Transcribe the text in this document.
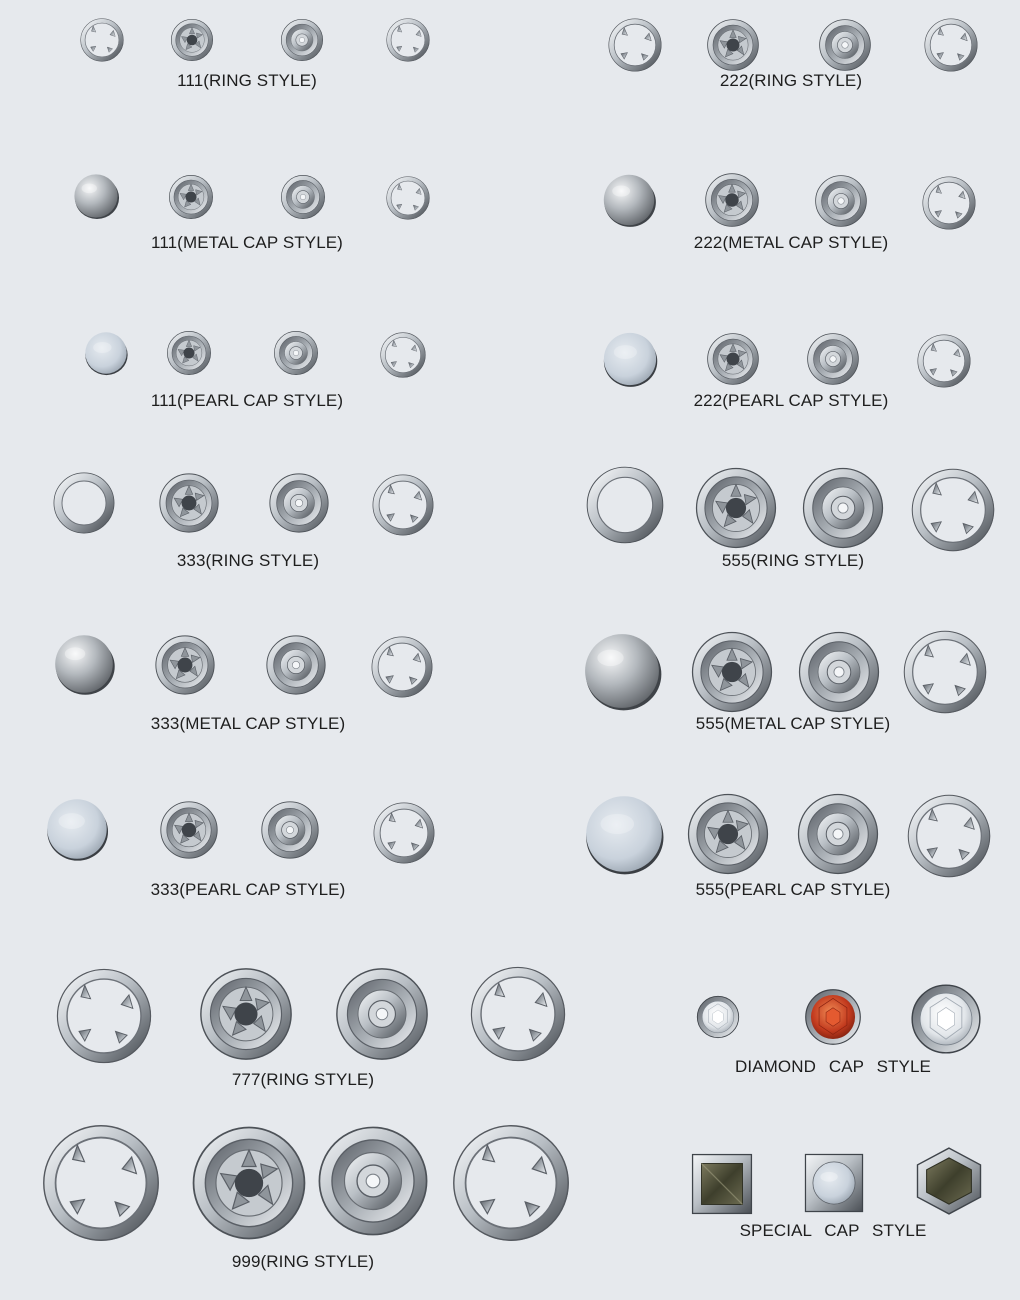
111(RING STYLE)	222(RING STYLE)
111(METAL CAP STYLE)	222(METAL CAP STYLE)
111(PEARL CAP STYLE)	222(PEARL CAP STYLE)
333(RING STYLE)	555(RING STYLE)
333(METAL CAP STYLE)	555(METAL CAP STYLE)
333(PEARL CAP STYLE)	555(PEARL CAP STYLE)
777(RING STYLE)
DIAMOND CAP STYLE
999(RING STYLE)
SPECIAL CAP STYLE
